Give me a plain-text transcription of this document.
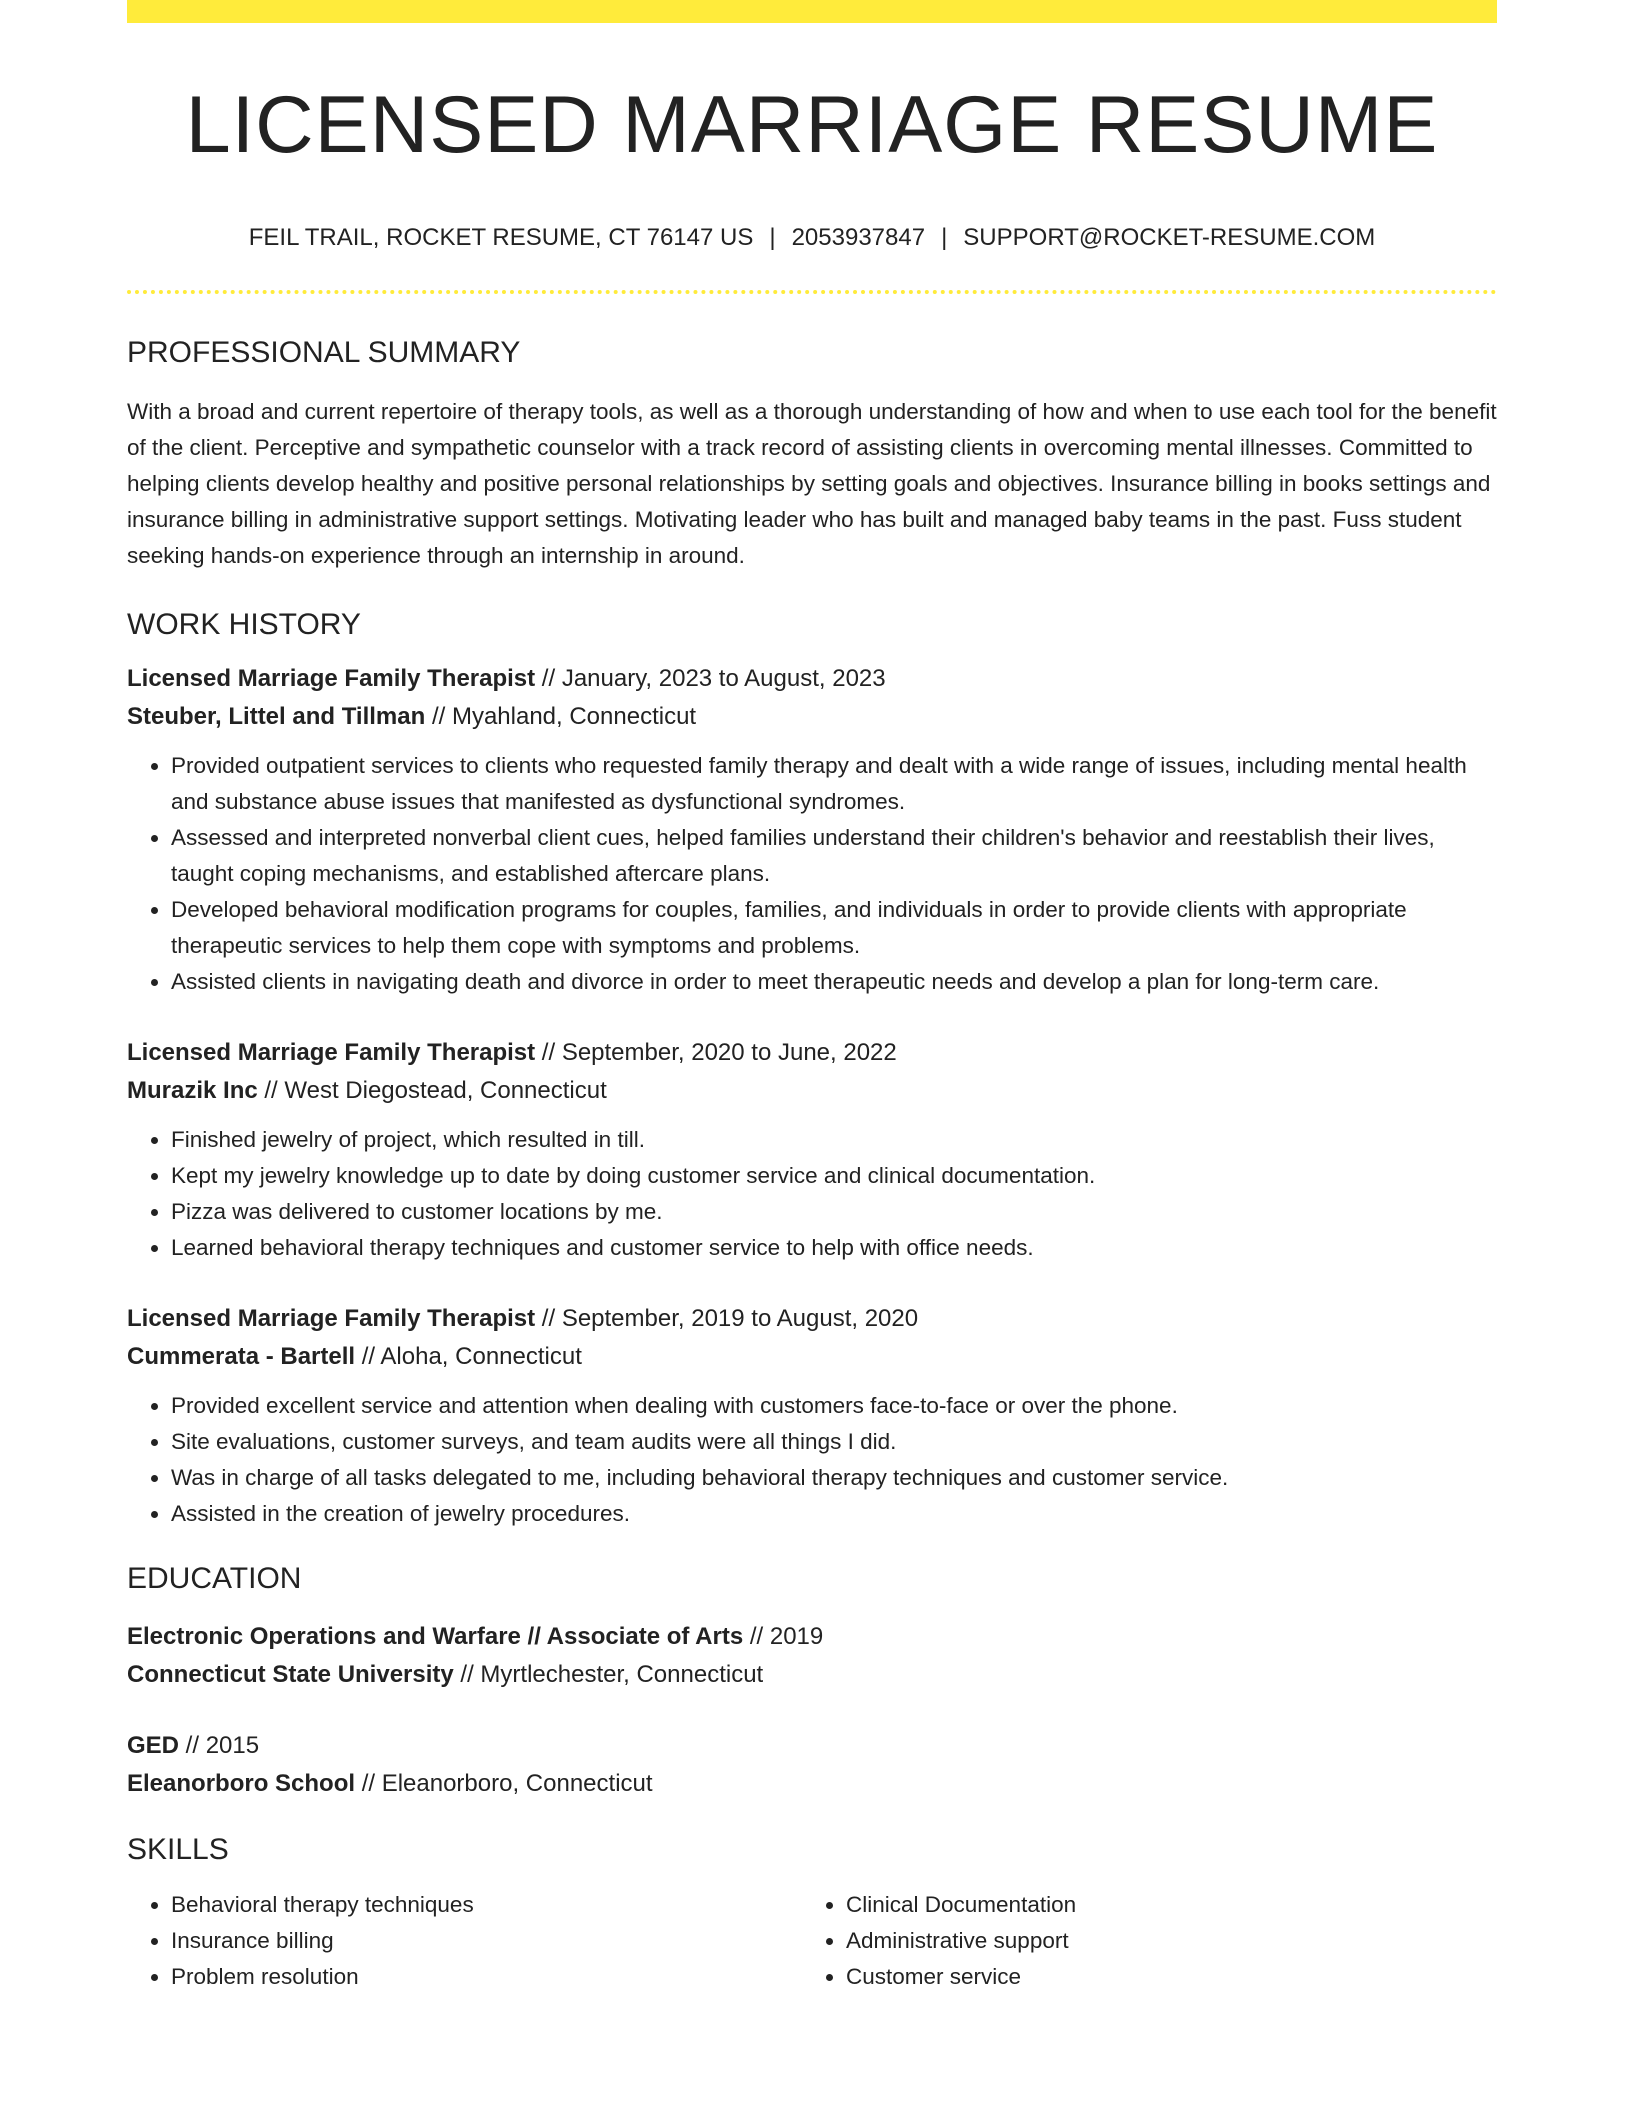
LICENSED MARRIAGE RESUME
FEIL TRAIL, ROCKET RESUME, CT 76147 US | 2053937847 | SUPPORT@ROCKET-RESUME.COM
PROFESSIONAL SUMMARY

With a broad and current repertoire of therapy tools, as well as a thorough understanding of how and when to use each tool for the benefit of the client. Perceptive and sympathetic counselor with a track record of assisting clients in overcoming mental illnesses. Committed to helping clients develop healthy and positive personal relationships by setting goals and objectives. Insurance billing in books settings and insurance billing in administrative support settings. Motivating leader who has built and managed baby teams in the past. Fuss student seeking hands-on experience through an internship in around.

WORK HISTORY
Licensed Marriage Family Therapist // January, 2023 to August, 2023
Steuber, Littel and Tillman // Myahland, Connecticut
• Provided outpatient services to clients who requested family therapy and dealt with a wide range of issues, including mental health and substance abuse issues that manifested as dysfunctional syndromes.
• Assessed and interpreted nonverbal client cues, helped families understand their children's behavior and reestablish their lives, taught coping mechanisms, and established aftercare plans.
• Developed behavioral modification programs for couples, families, and individuals in order to provide clients with appropriate therapeutic services to help them cope with symptoms and problems.
• Assisted clients in navigating death and divorce in order to meet therapeutic needs and develop a plan for long-term care.
Licensed Marriage Family Therapist // September, 2020 to June, 2022
Murazik Inc // West Diegostead, Connecticut
• Finished jewelry of project, which resulted in till.
• Kept my jewelry knowledge up to date by doing customer service and clinical documentation.
• Pizza was delivered to customer locations by me.
• Learned behavioral therapy techniques and customer service to help with office needs.
Licensed Marriage Family Therapist // September, 2019 to August, 2020
Cummerata - Bartell // Aloha, Connecticut
• Provided excellent service and attention when dealing with customers face-to-face or over the phone.
• Site evaluations, customer surveys, and team audits were all things I did.
• Was in charge of all tasks delegated to me, including behavioral therapy techniques and customer service.
• Assisted in the creation of jewelry procedures.
EDUCATION
Electronic Operations and Warfare // Associate of Arts // 2019
Connecticut State University // Myrtlechester, Connecticut
GED // 2015
Eleanorboro School // Eleanorboro, Connecticut
SKILLS
• Behavioral therapy techniques
• Insurance billing
• Problem resolution
• Clinical Documentation
• Administrative support
• Customer service
